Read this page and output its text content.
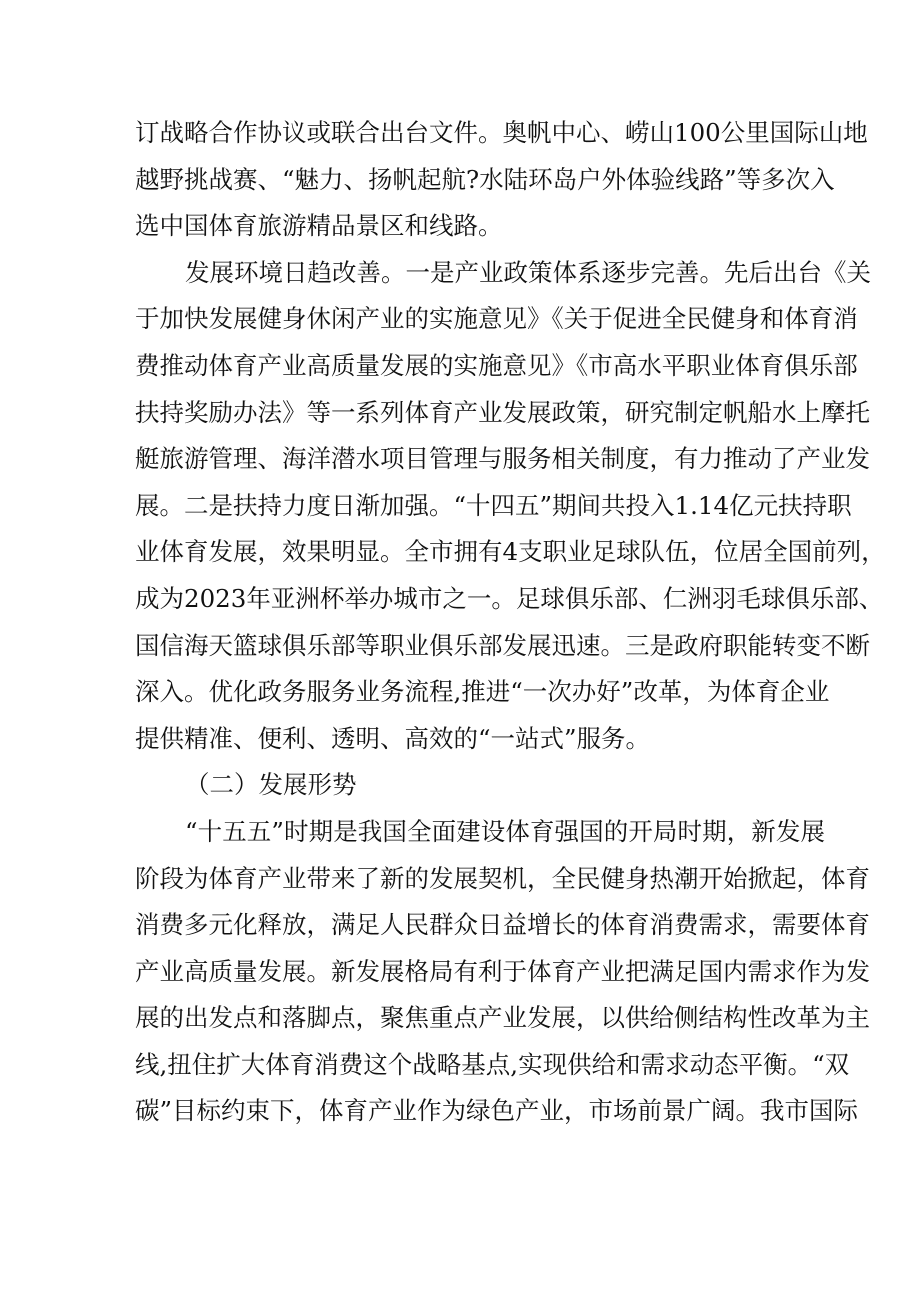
订战略合作协议或联合出台文件。奥帆中心、崂山100公里国际山地
越野挑战赛、“魅力、扬帆起航?水陆环岛户外体验线路”等多次入
选中国体育旅游精品景区和线路。
发展环境日趋改善。一是产业政策体系逐步完善。先后出台《关
于加快发展健身休闲产业的实施意见》《关于促进全民健身和体育消
费推动体育产业高质量发展的实施意见》《市高水平职业体育俱乐部
扶持奖励办法》等一系列体育产业发展政策，研究制定帆船水上摩托
艇旅游管理、海洋潜水项目管理与服务相关制度，有力推动了产业发
展。二是扶持力度日渐加强。“十四五”期间共投入1.14亿元扶持职
业体育发展，效果明显。全市拥有4支职业足球队伍，位居全国前列，
成为2023年亚洲杯举办城市之一。足球俱乐部、仁洲羽毛球俱乐部、
国信海天篮球俱乐部等职业俱乐部发展迅速。三是政府职能转变不断
深入。优化政务服务业务流程,推进“一次办好”改革，为体育企业
提供精准、便利、透明、高效的“一站式”服务。
（二）发展形势
“十五五”时期是我国全面建设体育强国的开局时期，新发展
阶段为体育产业带来了新的发展契机，全民健身热潮开始掀起，体育
消费多元化释放，满足人民群众日益增长的体育消费需求，需要体育
产业高质量发展。新发展格局有利于体育产业把满足国内需求作为发
展的出发点和落脚点，聚焦重点产业发展，以供给侧结构性改革为主
线,扭住扩大体育消费这个战略基点,实现供给和需求动态平衡。“双
碳”目标约束下，体育产业作为绿色产业，市场前景广阔。我市国际
